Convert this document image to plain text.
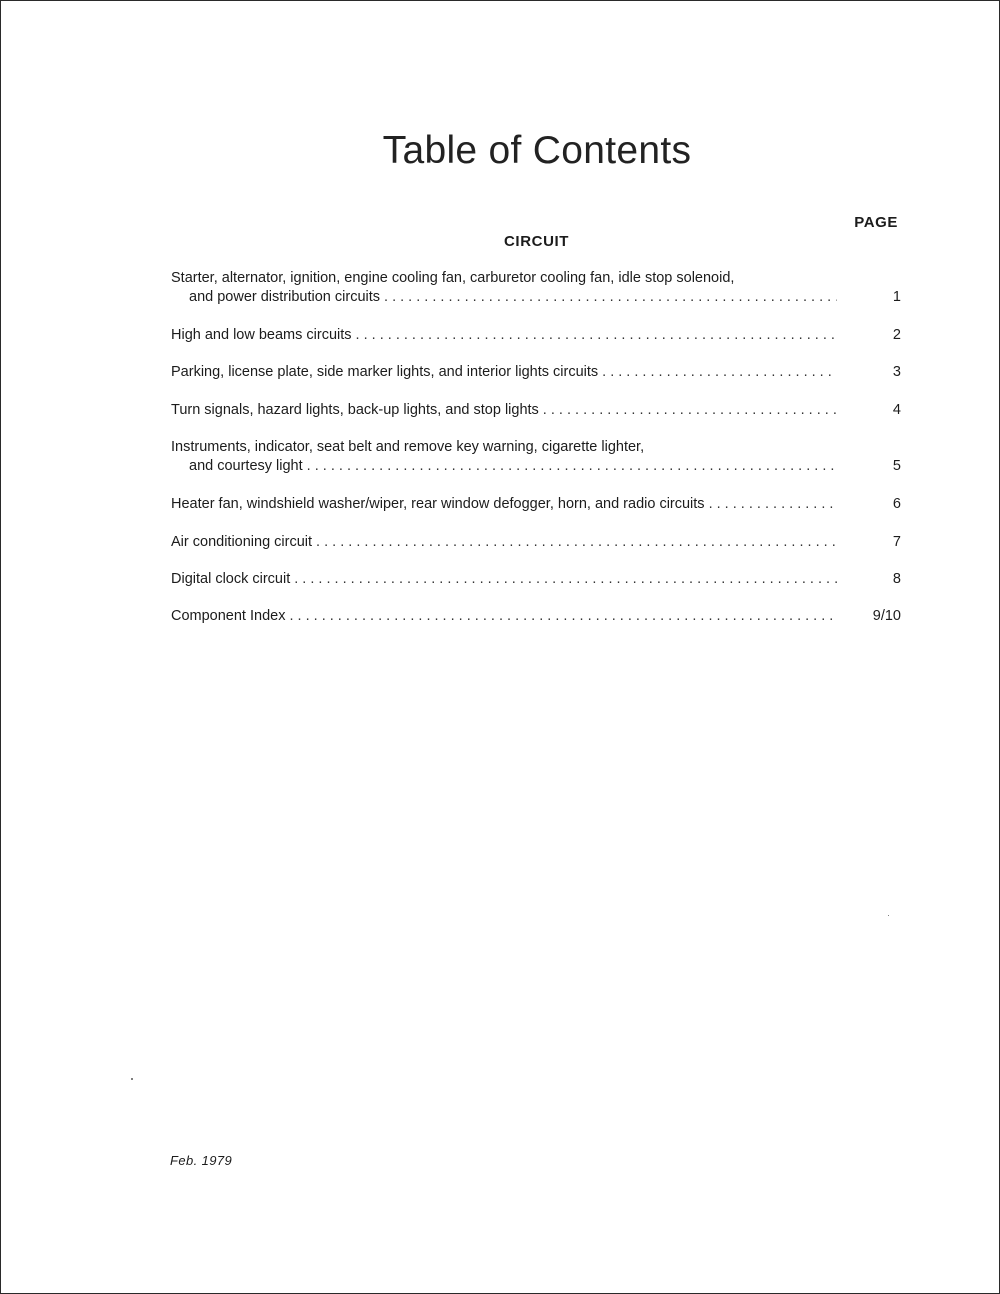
Table of Contents
PAGE
CIRCUIT
Starter, alternator, ignition, engine cooling fan, carburetor cooling fan, idle stop solenoid,
and power distribution circuits . . .	1
High and low beams circuits . . .	2
Parking, license plate, side marker lights, and interior lights circuits . . .	3
Turn signals, hazard lights, back-up lights, and stop lights . . .	4
Instruments, indicator, seat belt and remove key warning, cigarette lighter,
and courtesy light . . .	5
Heater fan, windshield washer/wiper, rear window defogger, horn, and radio circuits . . .	6
Air conditioning circuit . . .	7
Digital clock circuit . . .	8
Component Index . . .	9/10
Feb. 1979
